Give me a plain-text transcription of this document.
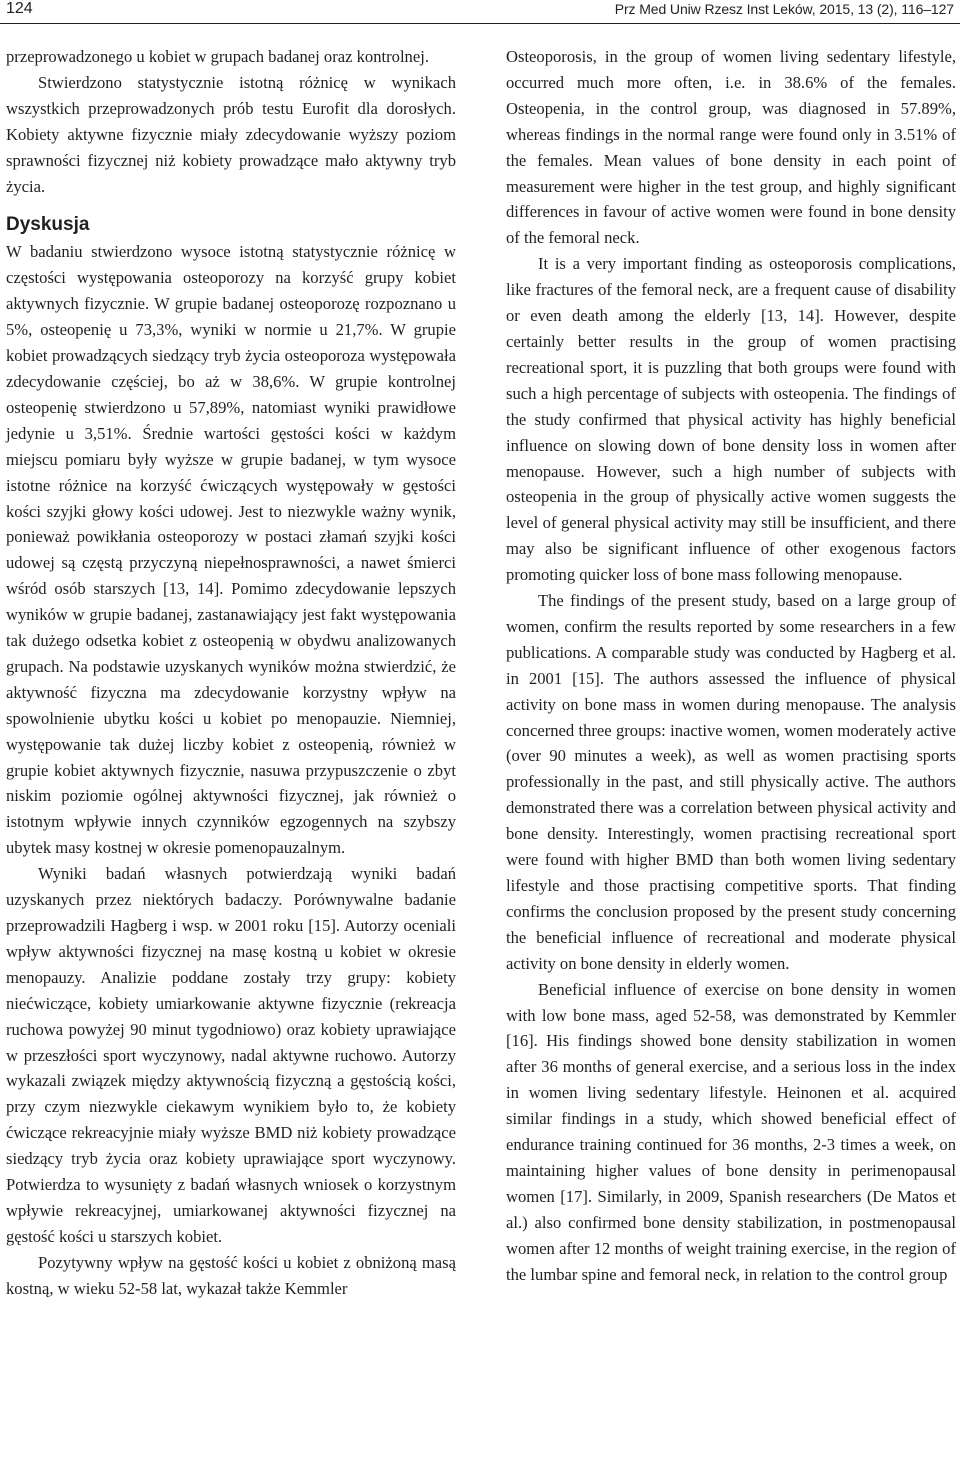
124	Prz Med Uniw Rzesz Inst Leków, 2015, 13 (2), 116–127

przeprowadzonego u kobiet w grupach badanej oraz kontrolnej.

Stwierdzono statystycznie istotną różnicę w wynikach wszystkich przeprowadzonych prób testu Eurofit dla dorosłych. Kobiety aktywne fizycznie miały zdecydowanie wyższy poziom sprawności fizycznej niż kobiety prowadzące mało aktywny tryb życia.

Dyskusja

W badaniu stwierdzono wysoce istotną statystycznie różnicę w częstości występowania osteoporozy na korzyść grupy kobiet aktywnych fizycznie. W grupie badanej osteoporozę rozpoznano u 5%, osteopenię u 73,3%, wyniki w normie u 21,7%. W grupie kobiet prowadzących siedzący tryb życia osteoporoza występowała zdecydowanie częściej, bo aż w 38,6%. W grupie kontrolnej osteopenię stwierdzono u 57,89%, natomiast wyniki prawidłowe jedynie u 3,51%. Średnie wartości gęstości kości w każdym miejscu pomiaru były wyższe w grupie badanej, w tym wysoce istotne różnice na korzyść ćwiczących występowały w gęstości kości szyjki głowy kości udowej. Jest to niezwykle ważny wynik, ponieważ powikłania osteoporozy w postaci złamań szyjki kości udowej są częstą przyczyną niepełnosprawności, a nawet śmierci wśród osób starszych [13, 14]. Pomimo zdecydowanie lepszych wyników w grupie badanej, zastanawiający jest fakt występowania tak dużego odsetka kobiet z osteopenią w obydwu analizowanych grupach. Na podstawie uzyskanych wyników można stwierdzić, że aktywność fizyczna ma zdecydowanie korzystny wpływ na spowolnienie ubytku kości u kobiet po menopauzie. Niemniej, występowanie tak dużej liczby kobiet z osteopenią, również w grupie kobiet aktywnych fizycznie, nasuwa przypuszczenie o zbyt niskim poziomie ogólnej aktywności fizycznej, jak również o istotnym wpływie innych czynników egzogennych na szybszy ubytek masy kostnej w okresie pomenopauzalnym.

Wyniki badań własnych potwierdzają wyniki badań uzyskanych przez niektórych badaczy. Porównywalne badanie przeprowadzili Hagberg i wsp. w 2001 roku [15]. Autorzy oceniali wpływ aktywności fizycznej na masę kostną u kobiet w okresie menopauzy. Analizie poddane zostały trzy grupy: kobiety niećwiczące, kobiety umiarkowanie aktywne fizycznie (rekreacja ruchowa powyżej 90 minut tygodniowo) oraz kobiety uprawiające w przeszłości sport wyczynowy, nadal aktywne ruchowo. Autorzy wykazali związek między aktywnością fizyczną a gęstością kości, przy czym niezwykle ciekawym wynikiem było to, że kobiety ćwiczące rekreacyjnie miały wyższe BMD niż kobiety prowadzące siedzący tryb życia oraz kobiety uprawiające sport wyczynowy. Potwierdza to wysunięty z badań własnych wniosek o korzystnym wpływie rekreacyjnej, umiarkowanej aktywności fizycznej na gęstość kości u starszych kobiet.

Pozytywny wpływ na gęstość kości u kobiet z obniżoną masą kostną, w wieku 52-58 lat, wykazał także Kemmler

Osteoporosis, in the group of women living sedentary lifestyle, occurred much more often, i.e. in 38.6% of the females. Osteopenia, in the control group, was diagnosed in 57.89%, whereas findings in the normal range were found only in 3.51% of the females. Mean values of bone density in each point of measurement were higher in the test group, and highly significant differences in favour of active women were found in bone density of the femoral neck.

It is a very important finding as osteoporosis complications, like fractures of the femoral neck, are a frequent cause of disability or even death among the elderly [13, 14]. However, despite certainly better results in the group of women practising recreational sport, it is puzzling that both groups were found with such a high percentage of subjects with osteopenia. The findings of the study confirmed that physical activity has highly beneficial influence on slowing down of bone density loss in women after menopause. However, such a high number of subjects with osteopenia in the group of physically active women suggests the level of general physical activity may still be insufficient, and there may also be significant influence of other exogenous factors promoting quicker loss of bone mass following menopause.

The findings of the present study, based on a large group of women, confirm the results reported by some researchers in a few publications. A comparable study was conducted by Hagberg et al. in 2001 [15]. The authors assessed the influence of physical activity on bone mass in women during menopause. The analysis concerned three groups: inactive women, women moderately active (over 90 minutes a week), as well as women practising sports professionally in the past, and still physically active. The authors demonstrated there was a correlation between physical activity and bone density. Interestingly, women practising recreational sport were found with higher BMD than both women living sedentary lifestyle and those practising competitive sports. That finding confirms the conclusion proposed by the present study concerning the beneficial influence of recreational and moderate physical activity on bone density in elderly women.

Beneficial influence of exercise on bone density in women with low bone mass, aged 52-58, was demonstrated by Kemmler [16]. His findings showed bone density stabilization in women after 36 months of general exercise, and a serious loss in the index in women living sedentary lifestyle. Heinonen et al. acquired similar findings in a study, which showed beneficial effect of endurance training continued for 36 months, 2-3 times a week, on maintaining higher values of bone density in perimenopausal women [17]. Similarly, in 2009, Spanish researchers (De Matos et al.) also confirmed bone density stabilization, in postmenopausal women after 12 months of weight training exercise, in the region of the lumbar spine and femoral neck, in relation to the control group
